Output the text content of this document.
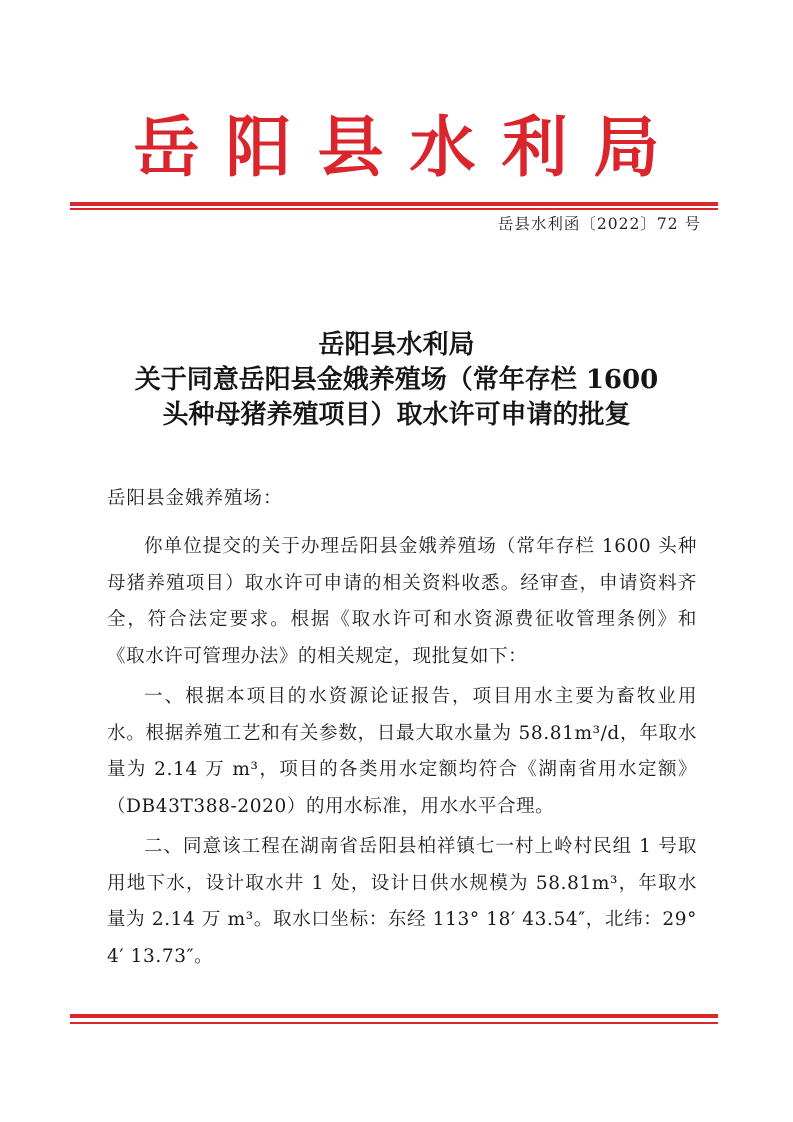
岳阳县水利局
岳县水利函〔2022〕72 号
岳阳县水利局
关于同意岳阳县金娥养殖场（常年存栏 1600
头种母猪养殖项目）取水许可申请的批复
岳阳县金娥养殖场：

你单位提交的关于办理岳阳县金娥养殖场（常年存栏 1600 头种母猪养殖项目）取水许可申请的相关资料收悉。经审查，申请资料齐全，符合法定要求。根据《取水许可和水资源费征收管理条例》和《取水许可管理办法》的相关规定，现批复如下：

一、根据本项目的水资源论证报告，项目用水主要为畜牧业用水。根据养殖工艺和有关参数，日最大取水量为 58.81m³/d，年取水量为 2.14 万 m³，项目的各类用水定额均符合《湖南省用水定额》（DB43T388-2020）的用水标准，用水水平合理。

二、同意该工程在湖南省岳阳县柏祥镇七一村上岭村民组 1 号取用地下水，设计取水井 1 处，设计日供水规模为 58.81m³，年取水量为 2.14 万 m³。取水口坐标：东经 113° 18′ 43.54″，北纬：29° 4′ 13.73″。
